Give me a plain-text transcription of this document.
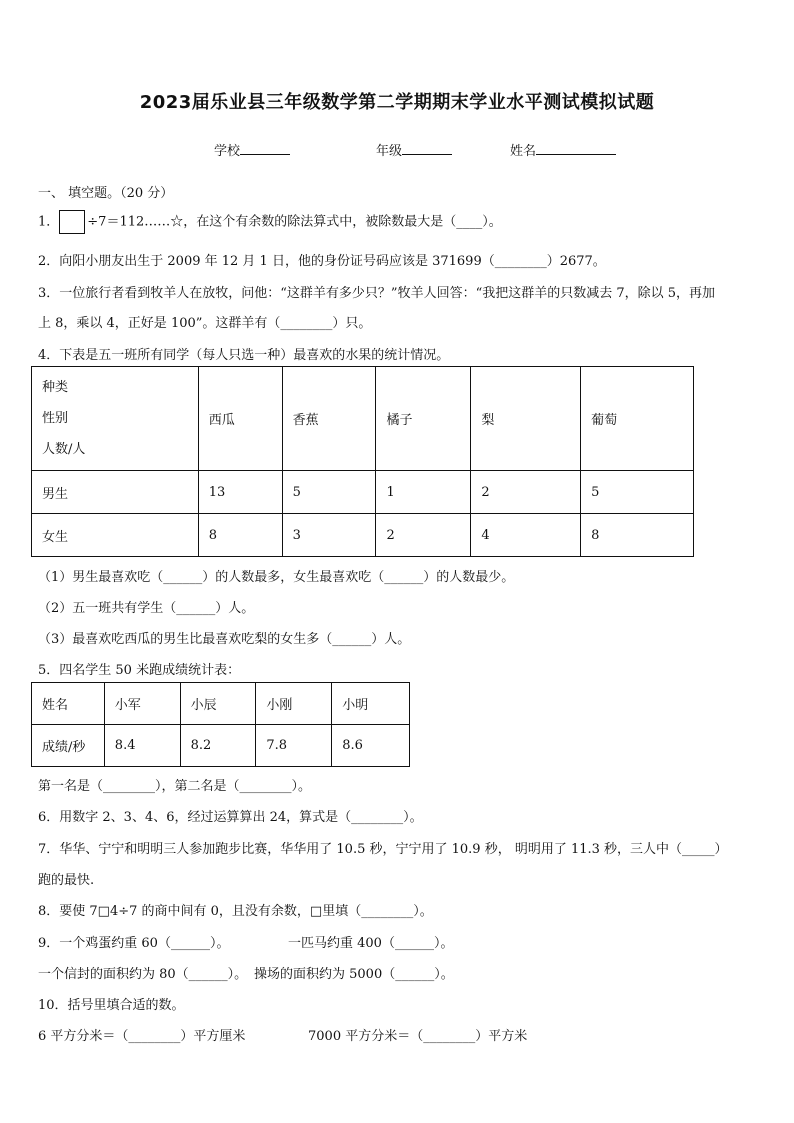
2023届乐业县三年级数学第二学期期末学业水平测试模拟试题
学校	年级	姓名
一、 填空题。（20 分）
1． ÷7＝112……☆，在这个有余数的除法算式中，被除数最大是（____）。
2．向阳小朋友出生于 2009 年 12 月 1 日，他的身份证号码应该是 371699（________）2677。
3．一位旅行者看到牧羊人在放牧，问他：“这群羊有多少只？”牧羊人回答：“我把这群羊的只数减去 7，除以 5，再加
上 8，乘以 4，正好是 100”。这群羊有（________）只。
4．下表是五一班所有同学（每人只选一种）最喜欢的水果的统计情况。
种类
性别
人数/人	西瓜	香蕉	橘子	梨	葡萄
男生	13	5	1	2	5
女生	8	3	2	4	8
（1）男生最喜欢吃（______）的人数最多，女生最喜欢吃（______）的人数最少。
（2）五一班共有学生（______）人。
（3）最喜欢吃西瓜的男生比最喜欢吃梨的女生多（______）人。
5．四名学生 50 米跑成绩统计表：
姓名	小军	小辰	小刚	小明
成绩/秒	8.4	8.2	7.8	8.6
第一名是（________），第二名是（________）。
6．用数字 2、3、4、6，经过运算算出 24，算式是（________）。
7．华华、宁宁和明明三人参加跑步比赛，华华用了 10.5 秒，宁宁用了 10.9 秒， 明明用了 11.3 秒，三人中（_____）
跑的最快.
8．要使 7□4÷7 的商中间有 0，且没有余数，□里填（________）。
9．一个鸡蛋约重 60（______）。	一匹马约重 400（______）。
一个信封的面积约为 80（______）。 操场的面积约为 5000（______）。
10．括号里填合适的数。
6 平方分米＝（________）平方厘米	7000 平方分米＝（________）平方米
